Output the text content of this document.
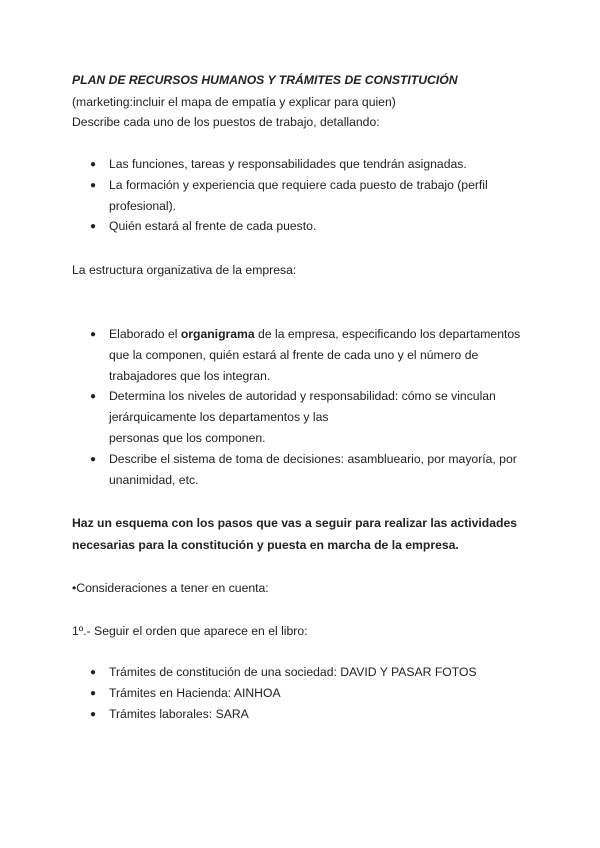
PLAN DE RECURSOS HUMANOS Y TRÁMITES DE CONSTITUCIÓN
(marketing:incluir el mapa de empatía y explicar para quien)
Describe cada uno de los puestos de trabajo, detallando:
● Las funciones, tareas y responsabilidades que tendrán asignadas.
● La formación y experiencia que requiere cada puesto de trabajo (perfil
profesional).
● Quién estará al frente de cada puesto.
La estructura organizativa de la empresa:
● Elaborado el organigrama de la empresa, especificando los departamentos
que la componen, quién estará al frente de cada uno y el número de
trabajadores que los integran.
● Determina los niveles de autoridad y responsabilidad: cómo se vinculan
jerárquicamente los departamentos y las
personas que los componen.
● Describe el sistema de toma de decisiones: asamblueario, por mayoría, por
unanimidad, etc.
Haz un esquema con los pasos que vas a seguir para realizar las actividades
necesarias para la constitución y puesta en marcha de la empresa.
•Consideraciones a tener en cuenta:
1º.- Seguir el orden que aparece en el libro:
● Trámites de constitución de una sociedad: DAVID Y PASAR FOTOS
● Trámites en Hacienda: AINHOA
● Trámites laborales: SARA
